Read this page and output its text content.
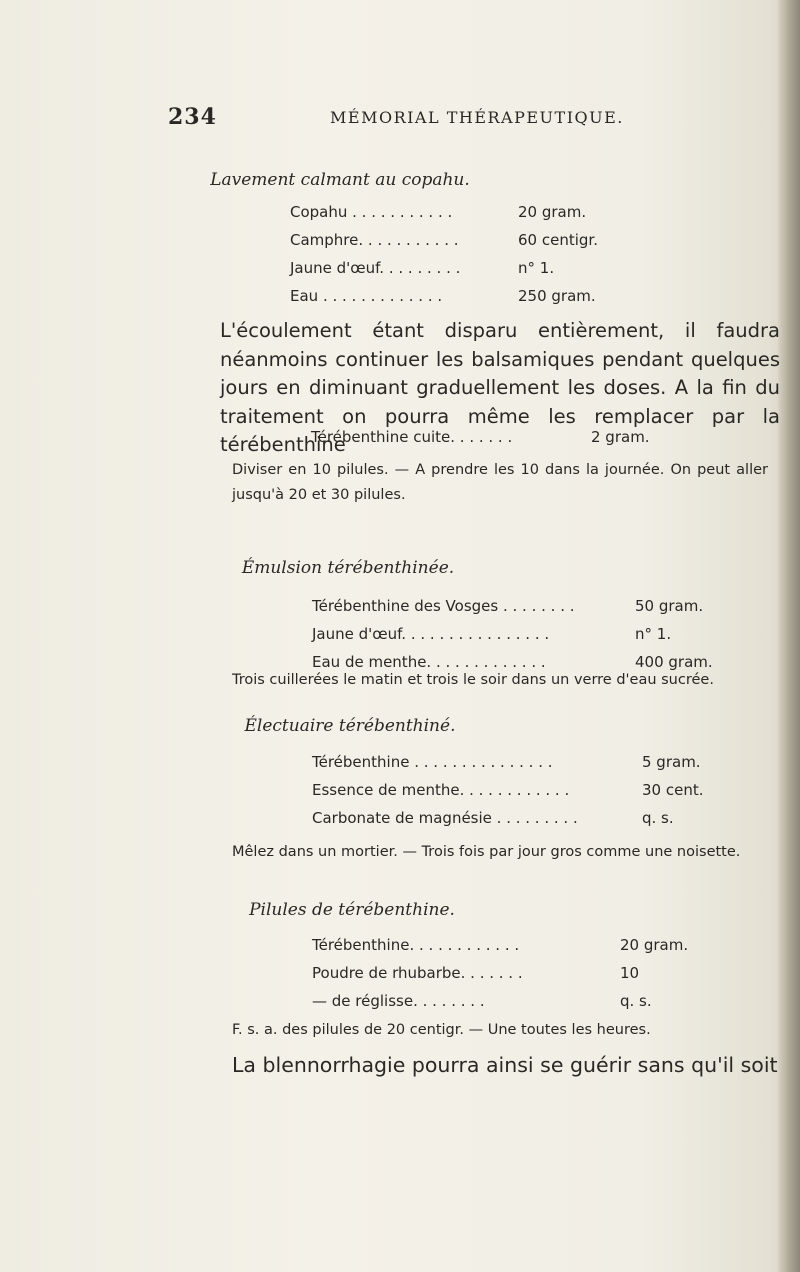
234	MÉMORIAL THÉRAPEUTIQUE.
Lavement calmant au copahu.
Copahu . . . . . . . . . . .	20 gram.
Camphre. . . . . . . . . . .	60 centigr.
Jaune d'œuf. . . . . . . . .	n° 1.
Eau . . . . . . . . . . . . .	250 gram.
L'écoulement étant disparu entièrement, il faudra néanmoins continuer les balsamiques pendant quelques jours en diminuant graduellement les doses. A la fin du traitement on pourra même les remplacer par la térébenthine
Térébenthine cuite. . . . . . .	2 gram.
Diviser en 10 pilules. — A prendre les 10 dans la journée. On peut aller jusqu'à 20 et 30 pilules.
Émulsion térébenthinée.
Térébenthine des Vosges . . . . . . . .	50 gram.
Jaune d'œuf. . . . . . . . . . . . . . . .	n° 1.
Eau de menthe. . . . . . . . . . . . .	400 gram.
Trois cuillerées le matin et trois le soir dans un verre d'eau sucrée.
Électuaire térébenthiné.
Térébenthine . . . . . . . . . . . . . . .	5 gram.
Essence de menthe. . . . . . . . . . . .	30 cent.
Carbonate de magnésie . . . . . . . . .	q. s.
Mêlez dans un mortier. — Trois fois par jour gros comme une noisette.
Pilules de térébenthine.
Térébenthine. . . . . . . . . . . .	20 gram.
Poudre de rhubarbe. . . . . . .	10
— de réglisse. . . . . . . .	q. s.
F. s. a. des pilules de 20 centigr. — Une toutes les heures.
La blennorrhagie pourra ainsi se guérir sans qu'il soit
